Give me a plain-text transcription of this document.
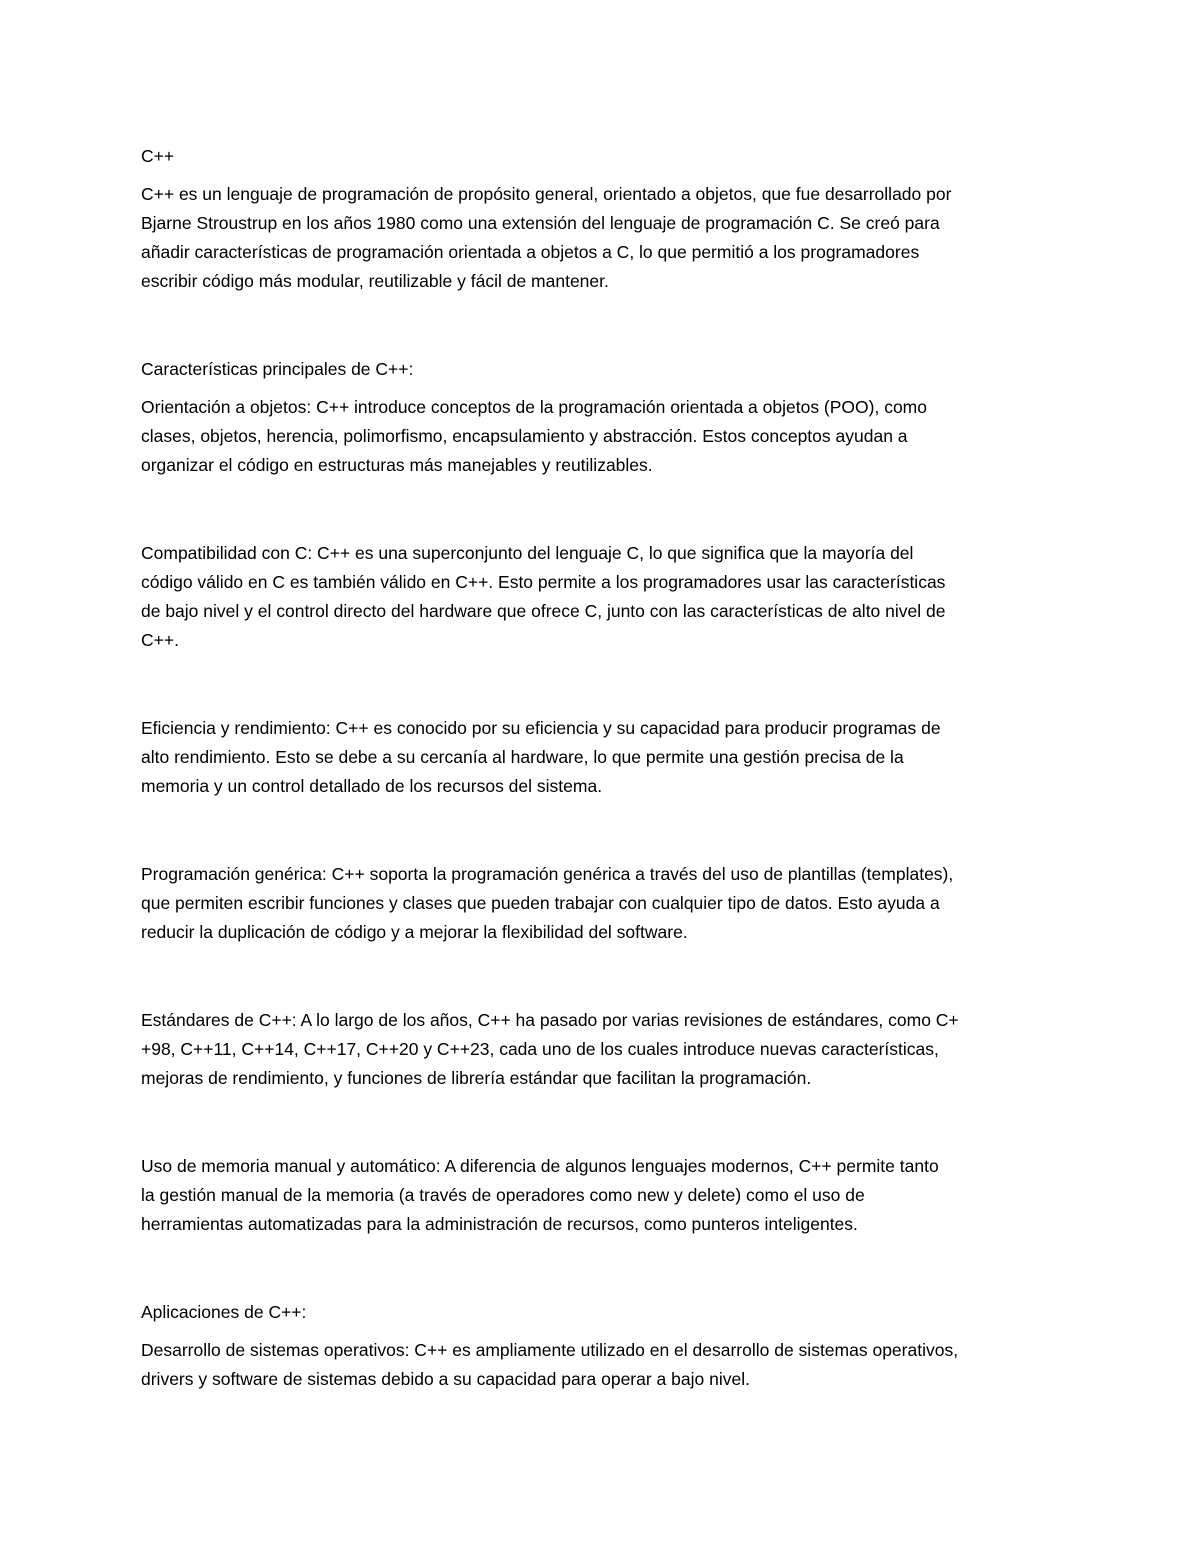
C++

C++ es un lenguaje de programación de propósito general, orientado a objetos, que fue desarrollado por
Bjarne Stroustrup en los años 1980 como una extensión del lenguaje de programación C. Se creó para
añadir características de programación orientada a objetos a C, lo que permitió a los programadores
escribir código más modular, reutilizable y fácil de mantener.

Características principales de C++:

Orientación a objetos: C++ introduce conceptos de la programación orientada a objetos (POO), como
clases, objetos, herencia, polimorfismo, encapsulamiento y abstracción. Estos conceptos ayudan a
organizar el código en estructuras más manejables y reutilizables.

Compatibilidad con C: C++ es una superconjunto del lenguaje C, lo que significa que la mayoría del
código válido en C es también válido en C++. Esto permite a los programadores usar las características
de bajo nivel y el control directo del hardware que ofrece C, junto con las características de alto nivel de
C++.

Eficiencia y rendimiento: C++ es conocido por su eficiencia y su capacidad para producir programas de
alto rendimiento. Esto se debe a su cercanía al hardware, lo que permite una gestión precisa de la
memoria y un control detallado de los recursos del sistema.

Programación genérica: C++ soporta la programación genérica a través del uso de plantillas (templates),
que permiten escribir funciones y clases que pueden trabajar con cualquier tipo de datos. Esto ayuda a
reducir la duplicación de código y a mejorar la flexibilidad del software.

Estándares de C++: A lo largo de los años, C++ ha pasado por varias revisiones de estándares, como C+
+98, C++11, C++14, C++17, C++20 y C++23, cada uno de los cuales introduce nuevas características,
mejoras de rendimiento, y funciones de librería estándar que facilitan la programación.

Uso de memoria manual y automático: A diferencia de algunos lenguajes modernos, C++ permite tanto
la gestión manual de la memoria (a través de operadores como new y delete) como el uso de
herramientas automatizadas para la administración de recursos, como punteros inteligentes.

Aplicaciones de C++:

Desarrollo de sistemas operativos: C++ es ampliamente utilizado en el desarrollo de sistemas operativos,
drivers y software de sistemas debido a su capacidad para operar a bajo nivel.
